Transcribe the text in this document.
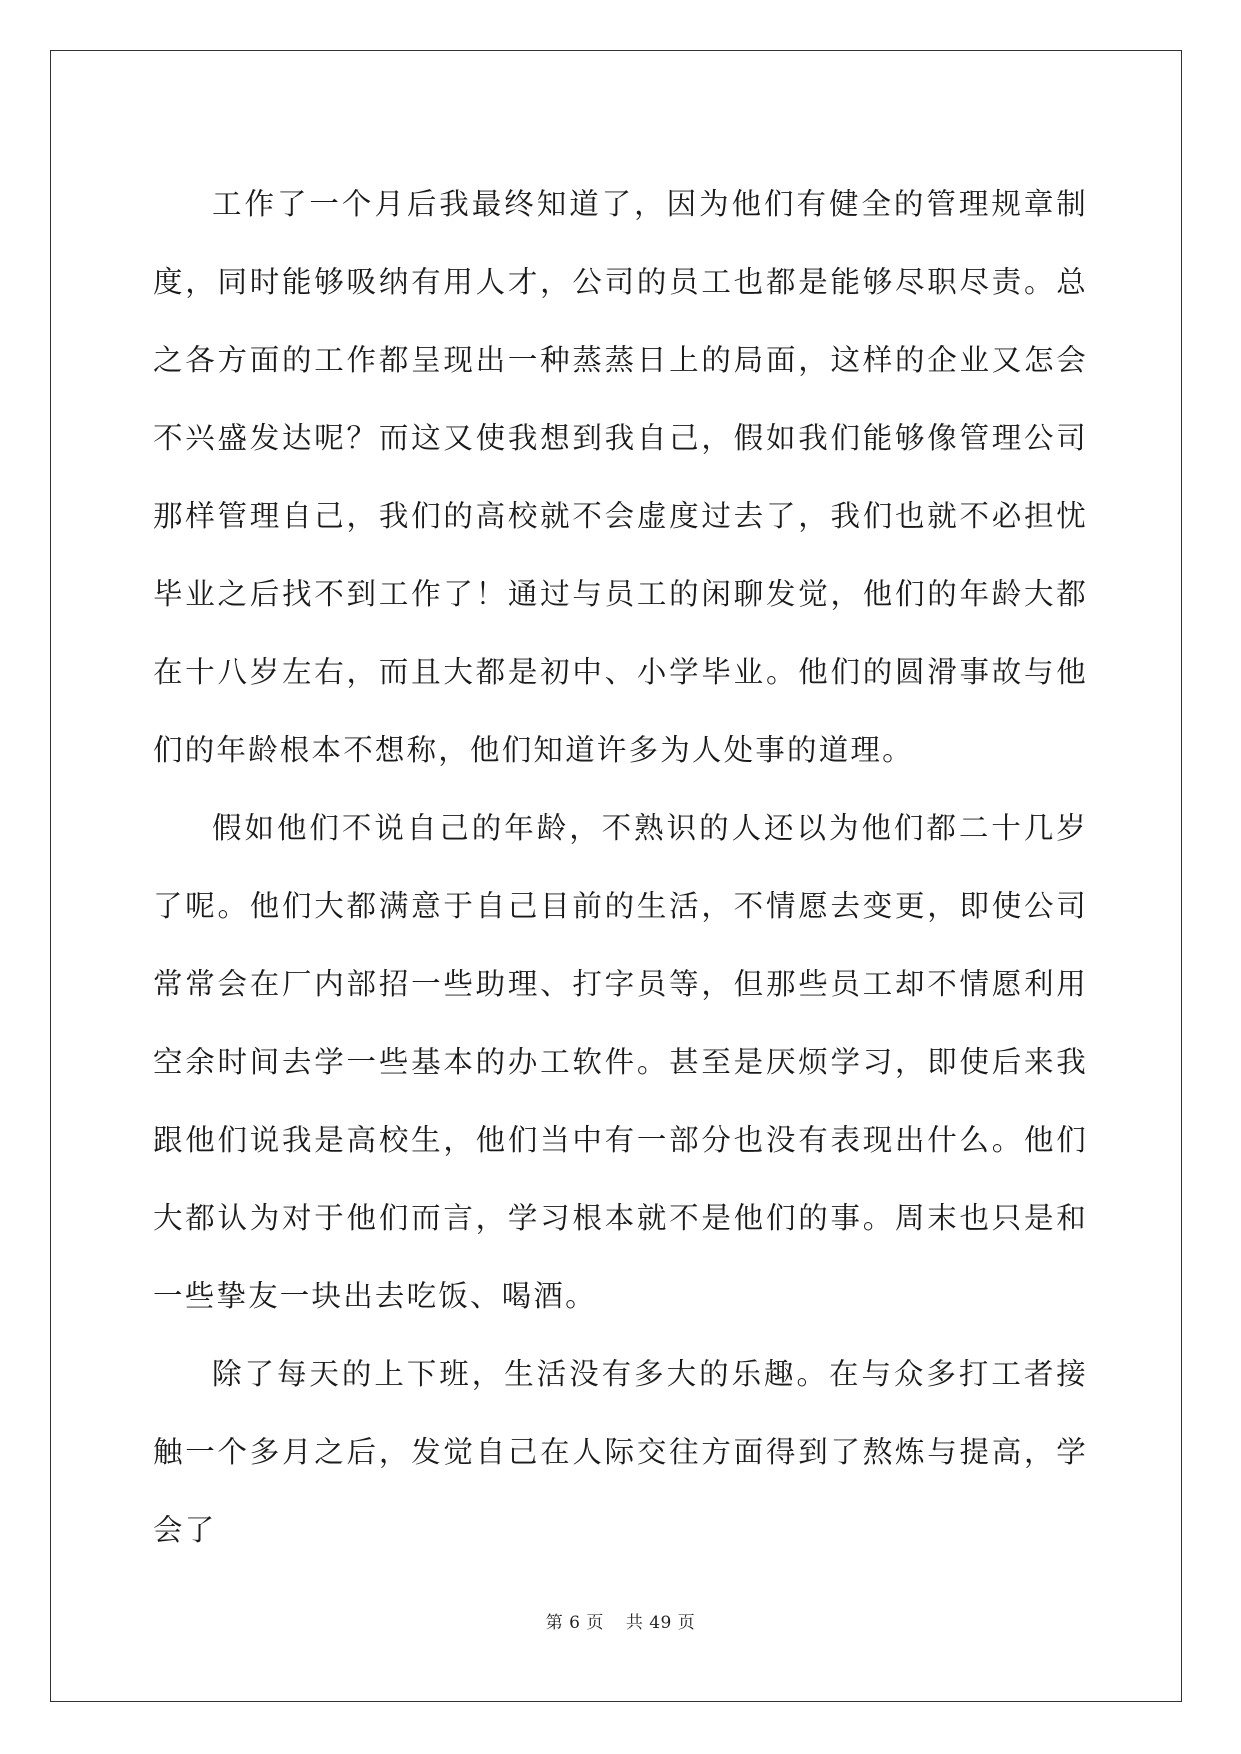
工作了一个月后我最终知道了，因为他们有健全的管理规章制度，同时能够吸纳有用人才，公司的员工也都是能够尽职尽责。总之各方面的工作都呈现出一种蒸蒸日上的局面，这样的企业又怎会不兴盛发达呢？而这又使我想到我自己，假如我们能够像管理公司那样管理自己，我们的高校就不会虚度过去了，我们也就不必担忧毕业之后找不到工作了！通过与员工的闲聊发觉，他们的年龄大都在十八岁左右，而且大都是初中、小学毕业。他们的圆滑事故与他们的年龄根本不想称，他们知道许多为人处事的道理。

假如他们不说自己的年龄，不熟识的人还以为他们都二十几岁了呢。他们大都满意于自己目前的生活，不情愿去变更，即使公司常常会在厂内部招一些助理、打字员等，但那些员工却不情愿利用空余时间去学一些基本的办工软件。甚至是厌烦学习，即使后来我跟他们说我是高校生，他们当中有一部分也没有表现出什么。他们大都认为对于他们而言，学习根本就不是他们的事。周末也只是和一些挚友一块出去吃饭、喝酒。

除了每天的上下班，生活没有多大的乐趣。在与众多打工者接触一个多月之后，发觉自己在人际交往方面得到了熬炼与提高，学会了

第 6 页 共 49 页
